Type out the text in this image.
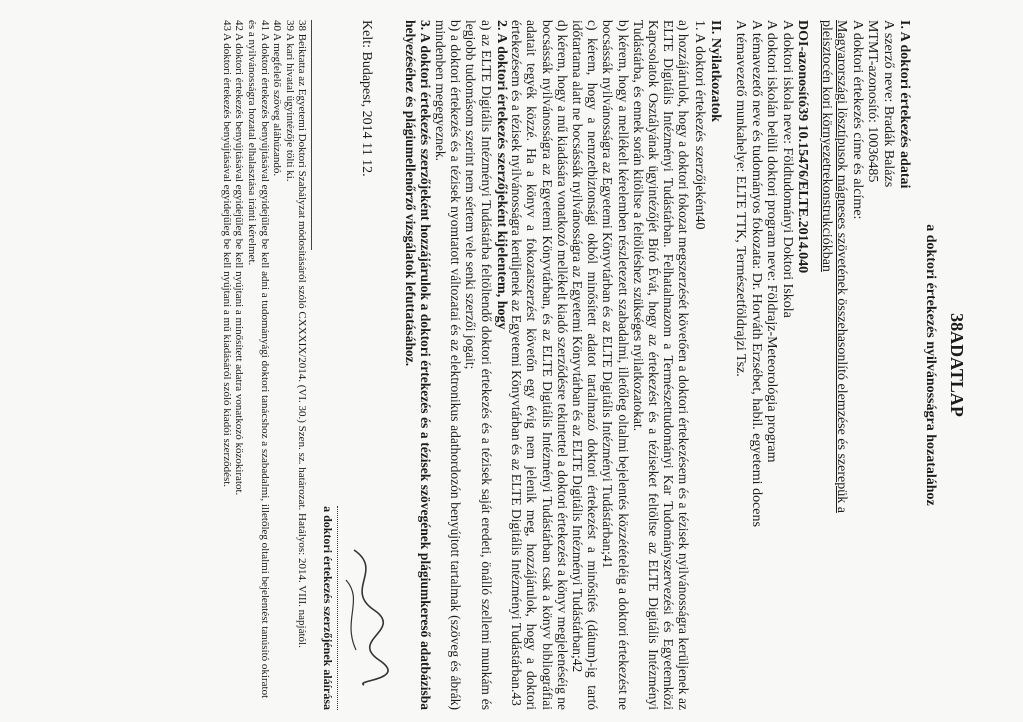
38ADATLAP
a doktori értekezés nyilvánosságra hozatalához
I. A doktori értekezés adatai
A szerző neve: Bradák Balázs
MTMT-azonosító: 10036485
A doktori értekezés címe és alcíme:
Magyarországi lösztípusok mágneses szövetének összehasonlító elemzése és szerepük a
pleisztocén kori környezetrekonstrukciókban
DOI-azonosító39 10.15476/ELTE.2014.040
A doktori iskola neve: Földtudományi Doktori Iskola
A doktori iskolán belüli doktori program neve: Földrajz-Meteorológia program
A témavezető neve és tudományos fokozata: Dr. Horváth Erzsébet, habil. egyetemi docens
A témavezető munkahelye: ELTE TTK, Természetföldrajzi Tsz.
II. Nyilatkozatok
1. A doktori értekezés szerzőjeként40

a) hozzájárulok, hogy a doktori fokozat megszerzését követően a doktori értekezésem és a tézisek nyilvánosságra kerüljenek az ELTE Digitális Intézményi Tudástárban. Felhatalmazom a Természettudományi Kar Tudományszervezési és Egyetemközi Kapcsolatok Osztályának ügyintézőjét Bíró Évát, hogy az értekezést és a téziseket feltöltse az ELTE Digitális Intézményi Tudástárba, és ennek során kitöltse a feltöltéshez szükséges nyilatkozatokat.

b) kérem, hogy a mellékelt kérelemben részletezett szabadalmi, illetőleg oltalmi bejelentés közzétételéig a doktori értekezést ne bocsássák nyilvánosságra az Egyetemi Könyvtárban és az ELTE Digitális Intézményi Tudástárban;41

c) kérem, hogy a nemzetbiztonsági okból minősített adatot tartalmazó doktori értekezést a minősítés (dátum)-ig tartó időtartama alatt ne bocsássák nyilvánosságra az Egyetemi Könyvtárban és az ELTE Digitális Intézményi Tudástárban;42

d) kérem, hogy a mű kiadására vonatkozó mellékelt kiadó szerződésre tekintettel a doktori értekezést a könyv megjelenéséig ne bocsássák nyilvánosságra az Egyetemi Könyvtárban, és az ELTE Digitális Intézményi Tudástárban csak a könyv bibliográfiai adatait tegyék közzé. Ha a könyv a fokozatszerzést követőn egy évig nem jelenik meg, hozzájárulok, hogy a doktori értekezésem és a tézisek nyilvánosságra kerüljenek az Egyetemi Könyvtárban és az ELTE Digitális Intézményi Tudástárban.43

2. A doktori értekezés szerzőjeként kijelentem, hogy

a) az ELTE Digitális Intézményi Tudástárba feltöltendő doktori értekezés és a tézisek saját eredeti, önálló szellemi munkám és legjobb tudomásom szerint nem sértem vele senki szerzői jogait;

b) a doktori értekezés és a tézisek nyomtatott változatai és az elektronikus adathordozón benyújtott tartalmak (szöveg és ábrák) mindenben megegyeznek.

3. A doktori értekezés szerzőjeként hozzájárulok a doktori értekezés és a tézisek szövegének plágiumkereső adatbázisba helyezéséhez és plágiumellenőrző vizsgálatok lefuttatásához.

Kelt: Budapest, 2014 11 12.
a doktori értekezés szerzőjének aláírása
38 Beiktatta az Egyetemi Doktori Szabályzat módosításáról szóló CXXXIX/2014. (VI. 30.) Szen. sz. határozat. Hatályos: 2014. VIII. napjától.
39 A kari hivatal ügyintézője tölti ki.
40 A megfelelő szöveg aláhúzandó.
41 A doktori értekezés benyújtásával egyidejűleg be kell adni a tudományági doktori tanácshoz a szabadalmi, illetőleg oltalmi bejelentést tanúsító okiratot és a nyilvánosságra hozatal elhalasztása iránti kérelmet.
42 A doktori értekezés benyújtásával egyidejűleg be kell nyújtani a minősített adatra vonatkozó közokiratot.
43 A doktori értekezés benyújtásával egyidejűleg be kell nyújtani a mű kiadásáról szóló kiadói szerződést.
